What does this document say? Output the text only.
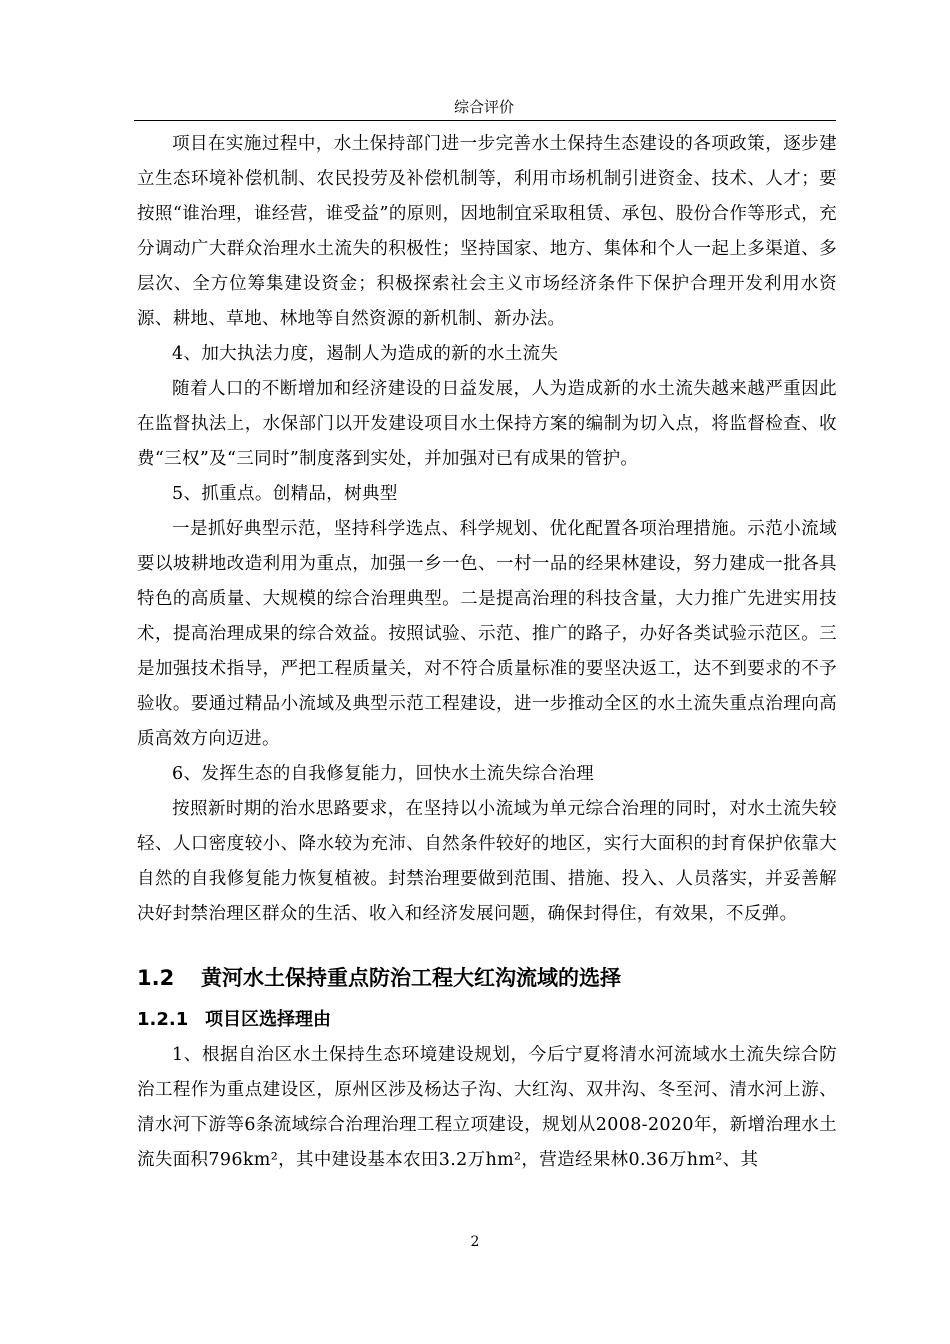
综合评价

项目在实施过程中，水土保持部门进一步完善水土保持生态建设的各项政策，逐步建立生态环境补偿机制、农民投劳及补偿机制等，利用市场机制引进资金、技术、人才；要按照“谁治理，谁经营，谁受益”的原则，因地制宜采取租赁、承包、股份合作等形式，充分调动广大群众治理水土流失的积极性；坚持国家、地方、集体和个人一起上多渠道、多层次、全方位筹集建设资金；积极探索社会主义市场经济条件下保护合理开发利用水资源、耕地、草地、林地等自然资源的新机制、新办法。

4、加大执法力度，遏制人为造成的新的水土流失

随着人口的不断增加和经济建设的日益发展，人为造成新的水土流失越来越严重因此在监督执法上，水保部门以开发建设项目水土保持方案的编制为切入点，将监督检查、收费“三权”及“三同时”制度落到实处，并加强对已有成果的管护。

5、抓重点。创精品，树典型

一是抓好典型示范，坚持科学选点、科学规划、优化配置各项治理措施。示范小流域要以坡耕地改造利用为重点，加强一乡一色、一村一品的经果林建设，努力建成一批各具特色的高质量、大规模的综合治理典型。二是提高治理的科技含量，大力推广先进实用技术，提高治理成果的综合效益。按照试验、示范、推广的路子，办好各类试验示范区。三是加强技术指导，严把工程质量关，对不符合质量标准的要坚决返工，达不到要求的不予验收。要通过精品小流域及典型示范工程建设，进一步推动全区的水土流失重点治理向高质高效方向迈进。

6、发挥生态的自我修复能力，回快水土流失综合治理

按照新时期的治水思路要求，在坚持以小流域为单元综合治理的同时，对水土流失较轻、人口密度较小、降水较为充沛、自然条件较好的地区，实行大面积的封育保护依靠大自然的自我修复能力恢复植被。封禁治理要做到范围、措施、投入、人员落实，并妥善解决好封禁治理区群众的生活、收入和经济发展问题，确保封得住，有效果，不反弹。

1.2 黄河水土保持重点防治工程大红沟流域的选择
1.2.1 项目区选择理由

1、根据自治区水土保持生态环境建设规划，今后宁夏将清水河流域水土流失综合防治工程作为重点建设区，原州区涉及杨达子沟、大红沟、双井沟、冬至河、清水河上游、清水河下游等6条流域综合治理治理工程立项建设，规划从2008-2020年，新增治理水土流失面积796km²，其中建设基本农田3.2万hm²，营造经果林0.36万hm²、其

2
